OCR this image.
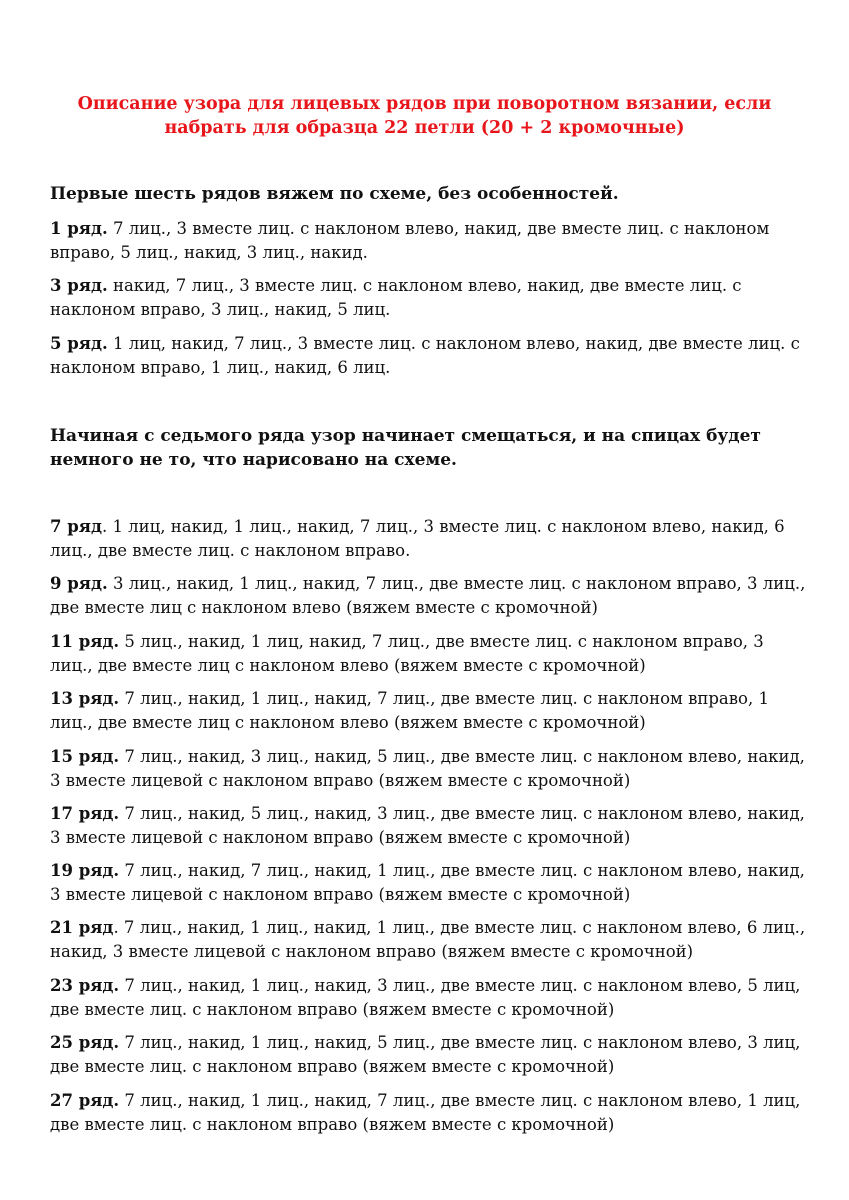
Описание узора для лицевых рядов при поворотном вязании, если набрать для образца 22 петли (20 + 2 кромочные)

Первые шесть рядов вяжем по схеме, без особенностей.

1 ряд. 7 лиц., 3 вместе лиц. с наклоном влево, накид, две вместе лиц. с наклоном вправо, 5 лиц., накид, 3 лиц., накид.

3 ряд. накид, 7 лиц., 3 вместе лиц. с наклоном влево, накид, две вместе лиц. с наклоном вправо, 3 лиц., накид, 5 лиц.

5 ряд. 1 лиц, накид, 7 лиц., 3 вместе лиц. с наклоном влево, накид, две вместе лиц. с наклоном вправо, 1 лиц., накид, 6 лиц.

Начиная с седьмого ряда узор начинает смещаться, и на спицах будет немного не то, что нарисовано на схеме.

7 ряд. 1 лиц, накид, 1 лиц., накид, 7 лиц., 3 вместе лиц. с наклоном влево, накид, 6 лиц., две вместе лиц. с наклоном вправо.

9 ряд. 3 лиц., накид, 1 лиц., накид, 7 лиц., две вместе лиц. с наклоном вправо, 3 лиц., две вместе лиц с наклоном влево (вяжем вместе с кромочной)

11 ряд. 5 лиц., накид, 1 лиц, накид, 7 лиц., две вместе лиц. с наклоном вправо, 3 лиц., две вместе лиц с наклоном влево (вяжем вместе с кромочной)

13 ряд. 7 лиц., накид, 1 лиц., накид, 7 лиц., две вместе лиц. с наклоном вправо, 1 лиц., две вместе лиц с наклоном влево (вяжем вместе с кромочной)

15 ряд. 7 лиц., накид, 3 лиц., накид, 5 лиц., две вместе лиц. с наклоном влево, накид, 3 вместе лицевой с наклоном вправо (вяжем вместе с кромочной)

17 ряд. 7 лиц., накид, 5 лиц., накид, 3 лиц., две вместе лиц. с наклоном влево, накид, 3 вместе лицевой с наклоном вправо (вяжем вместе с кромочной)

19 ряд. 7 лиц., накид, 7 лиц., накид, 1 лиц., две вместе лиц. с наклоном влево, накид, 3 вместе лицевой с наклоном вправо (вяжем вместе с кромочной)

21 ряд. 7 лиц., накид, 1 лиц., накид, 1 лиц., две вместе лиц. с наклоном влево, 6 лиц., накид, 3 вместе лицевой с наклоном вправо (вяжем вместе с кромочной)

23 ряд. 7 лиц., накид, 1 лиц., накид, 3 лиц., две вместе лиц. с наклоном влево, 5 лиц, две вместе лиц. с наклоном вправо (вяжем вместе с кромочной)

25 ряд. 7 лиц., накид, 1 лиц., накид, 5 лиц., две вместе лиц. с наклоном влево, 3 лиц, две вместе лиц. с наклоном вправо (вяжем вместе с кромочной)

27 ряд. 7 лиц., накид, 1 лиц., накид, 7 лиц., две вместе лиц. с наклоном влево, 1 лиц, две вместе лиц. с наклоном вправо (вяжем вместе с кромочной)
